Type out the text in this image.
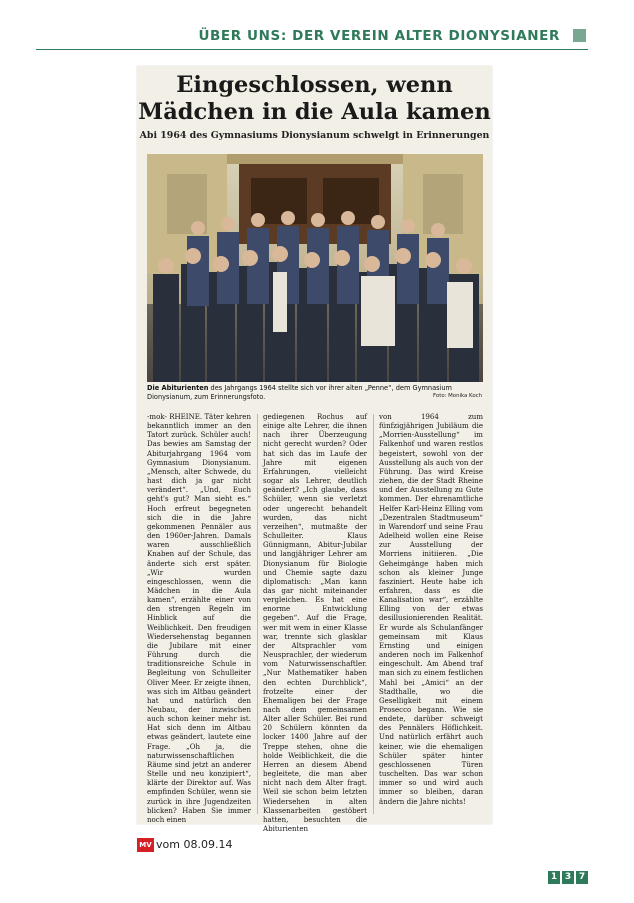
ÜBER UNS: DER VEREIN ALTER DIONYSIANER
Eingeschlossen, wenn
Mädchen in die Aula kamen
Abi 1964 des Gymnasiums Dionysianum schwelgt in Erinnerungen
Die Abiturienten des Jahrgangs 1964 stellte sich vor ihrer alten „Penne“, dem Gymnasium Dionysianum, zum Erinnerungsfoto.	Foto: Monika Koch

-mok- RHEINE. Täter kehren bekanntlich immer an den Tatort zurück. Schüler auch! Das bewies am Samstag der Abiturjahrgang 1964 vom Gymnasium Dionysianum. „Mensch, alter Schwede, du hast dich ja gar nicht verändert“. „Und, Euch geht's gut? Man sieht es.“ Hoch erfreut begegneten sich die in die Jahre gekommenen Pennäler aus den 1960er-Jahren. Damals waren ausschließlich Knaben auf der Schule, das änderte sich erst später. „Wir wurden eingeschlossen, wenn die Mädchen in die Aula kamen“, erzählte einer von den strengen Regeln im Hinblick auf die Weiblichkeit. Den freudigen Wiedersehenstag begannen die Jubilare mit einer Führung durch die traditionsreiche Schule in Begleitung von Schulleiter Oliver Meer. Er zeigte ihnen, was sich im Altbau geändert hat und natürlich den Neubau, der inzwischen auch schon keiner mehr ist. Hat sich denn im Altbau etwas geändert, lautete eine Frage. „Oh ja, die naturwissenschaftlichen Räume sind jetzt an anderer Stelle und neu konzipiert“, klärte der Direktor auf. Was empfinden Schüler, wenn sie zurück in ihre Jugendzeiten blicken? Haben Sie immer noch einen

gediegenen Rochus auf einige alte Lehrer, die ihnen nach ihrer Überzeugung nicht gerecht wurden? Oder hat sich das im Laufe der Jahre mit eigenen Erfahrungen, vielleicht sogar als Lehrer, deutlich geändert? „Ich glaube, dass Schüler, wenn sie verletzt oder ungerecht behandelt wurden, das nicht verzeihen“, mutmaßte der Schulleiter. Klaus Günnigmann, Abitur-Jubilar und langjähriger Lehrer am Dionysianum für Biologie und Chemie sagte dazu diplomatisch: „Man kann das gar nicht miteinander vergleichen. Es hat eine enorme Entwicklung gegeben“. Auf die Frage, wer mit wem in einer Klasse war, trennte sich glasklar der Altsprachler vom Neusprachler, der wiederum vom Naturwissenschaftler. „Nur Mathematiker haben den echten Durchblick“, frotzelte einer der Ehemaligen bei der Frage nach dem gemeinsamen Alter aller Schüler. Bei rund 20 Schülern könnten da locker 1400 Jahre auf der Treppe stehen, ohne die holde Weiblichkeit, die die Herren an diesem Abend begleitete, die man aber nicht nach dem Alter fragt. Weil sie schon beim letzten Wiedersehen in alten Klassenarbeiten gestöbert hatten, besuchten die Abiturienten

von 1964 zum fünfzigjährigen Jubiläum die „Morrien-Ausstellung“ im Falkenhof und waren restlos begeistert, sowohl von der Ausstellung als auch von der Führung. Das wird Kreise ziehen, die der Stadt Rheine und der Ausstellung zu Gute kommen. Der ehrenamtliche Helfer Karl-Heinz Elling vom „Dezentralen Stadtmuseum“ in Warendorf und seine Frau Adelheid wollen eine Reise zur Ausstellung der Morriens initiieren. „Die Geheimgänge haben mich schon als kleiner Junge fasziniert. Heute habe ich erfahren, dass es die Kanalisation war“, erzählte Elling von der etwas desillusionierenden Realität. Er wurde als Schulanfänger gemeinsam mit Klaus Ernsting und einigen anderen noch im Falkenhof eingeschult. Am Abend traf man sich zu einem festlichen Mahl bei „Amici“ an der Stadthalle, wo die Geselligkeit mit einem Prosecco begann. Wie sie endete, darüber schweigt des Pennälers Höflichkeit. Und natürlich erfährt auch keiner, wie die ehemaligen Schüler später hinter geschlossenen Türen tuschelten. Das war schon immer so und wird auch immer so bleiben, daran ändern die Jahre nichts!

MV vom 08.09.14
1 3 7
